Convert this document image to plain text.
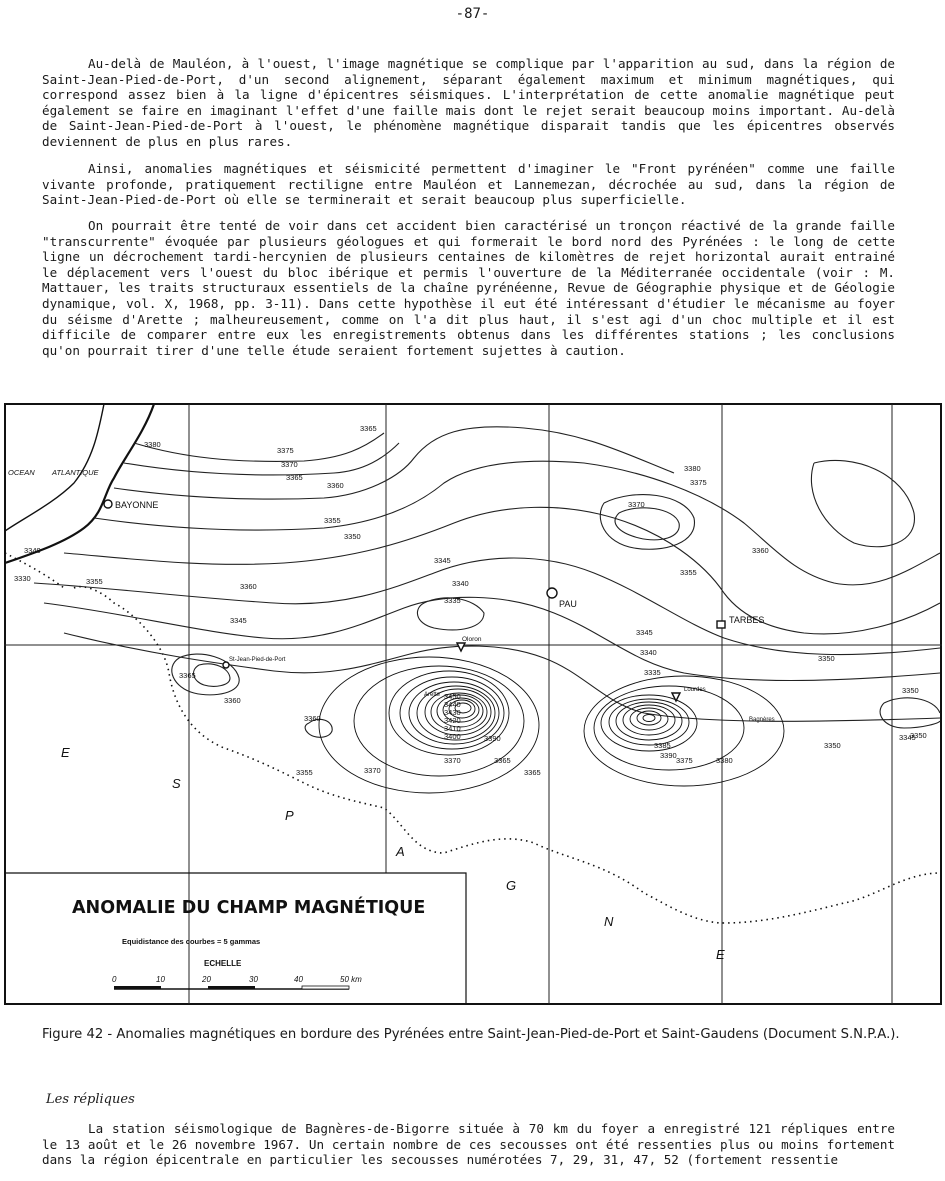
-87-

Au-delà de Mauléon, à l'ouest, l'image magnétique se complique par l'apparition au sud, dans la région de Saint-Jean-Pied-de-Port, d'un second alignement, séparant également maximum et minimum magnétiques, qui correspond assez bien à la ligne d'épicentres séismiques. L'interprétation de cette anomalie magnétique peut également se faire en imaginant l'effet d'une faille mais dont le rejet serait beaucoup moins important. Au-delà de Saint-Jean-Pied-de-Port à l'ouest, le phénomène magnétique disparait tandis que les épicentres observés deviennent de plus en plus rares.

Ainsi, anomalies magnétiques et séismicité permettent d'imaginer le "Front pyrénéen" comme une faille vivante profonde, pratiquement rectiligne entre Mauléon et Lannemezan, décrochée au sud, dans la région de Saint-Jean-Pied-de-Port où elle se terminerait et serait beaucoup plus superficielle.

On pourrait être tenté de voir dans cet accident bien caractérisé un tronçon réactivé de la grande faille "transcurrente" évoquée par plusieurs géologues et qui formerait le bord nord des Pyrénées : le long de cette ligne un décrochement tardi-hercynien de plusieurs centaines de kilomètres de rejet horizontal aurait entrainé le déplacement vers l'ouest du bloc ibérique et permis l'ouverture de la Méditerranée occidentale (voir : M. Mattauer, les traits structuraux essentiels de la chaîne pyrénéenne, Revue de Géographie physique et de Géologie dynamique, vol. X, 1968, pp. 3-11). Dans cette hypothèse il eut été intéressant d'étudier le mécanisme au foyer du séisme d'Arette ; malheureusement, comme on l'a dit plus haut, il s'est agi d'un choc multiple et il est difficile de comparer entre eux les enregistrements obtenus dans les différentes stations ; les conclusions qu'on pourrait tirer d'une telle étude seraient fortement sujettes à caution.

3380
3375
3370
3365
3360
3355
3350
3345
3340
3335
3330
3365
3360
3355
3350
3345
3340
3335
3350
3345
3370	3365
3360
3355
3350
3360
3365
3380
3375
3370
3385
3390
3375	3380
3370	3365
3360
3355
3350
3345
3340
3450
3440
3430
3420
3410
3400	3390
OCEAN ATLANTIQUE
BAYONNE
PAU
TARBES
Oloron
St-Jean-Pied-de-Port
Lourdes
Bagnères
Arette
E
S
P
A
G
N
E
ANOMALIE DU CHAMP MAGNÉTIQUE
Equidistance des courbes = 5 gammas
ECHELLE
0	10	20	30	40	50 km

Figure 42 - Anomalies magnétiques en bordure des Pyrénées entre Saint-Jean-Pied-de-Port et Saint-Gaudens (Document S.N.P.A.).

Les répliques

La station séismologique de Bagnères-de-Bigorre située à 70 km du foyer a enregistré 121 répliques entre le 13 août et le 26 novembre 1967. Un certain nombre de ces secousses ont été ressenties plus ou moins fortement dans la région épicentrale en particulier les secousses numérotées 7, 29, 31, 47, 52 (fortement ressentie
